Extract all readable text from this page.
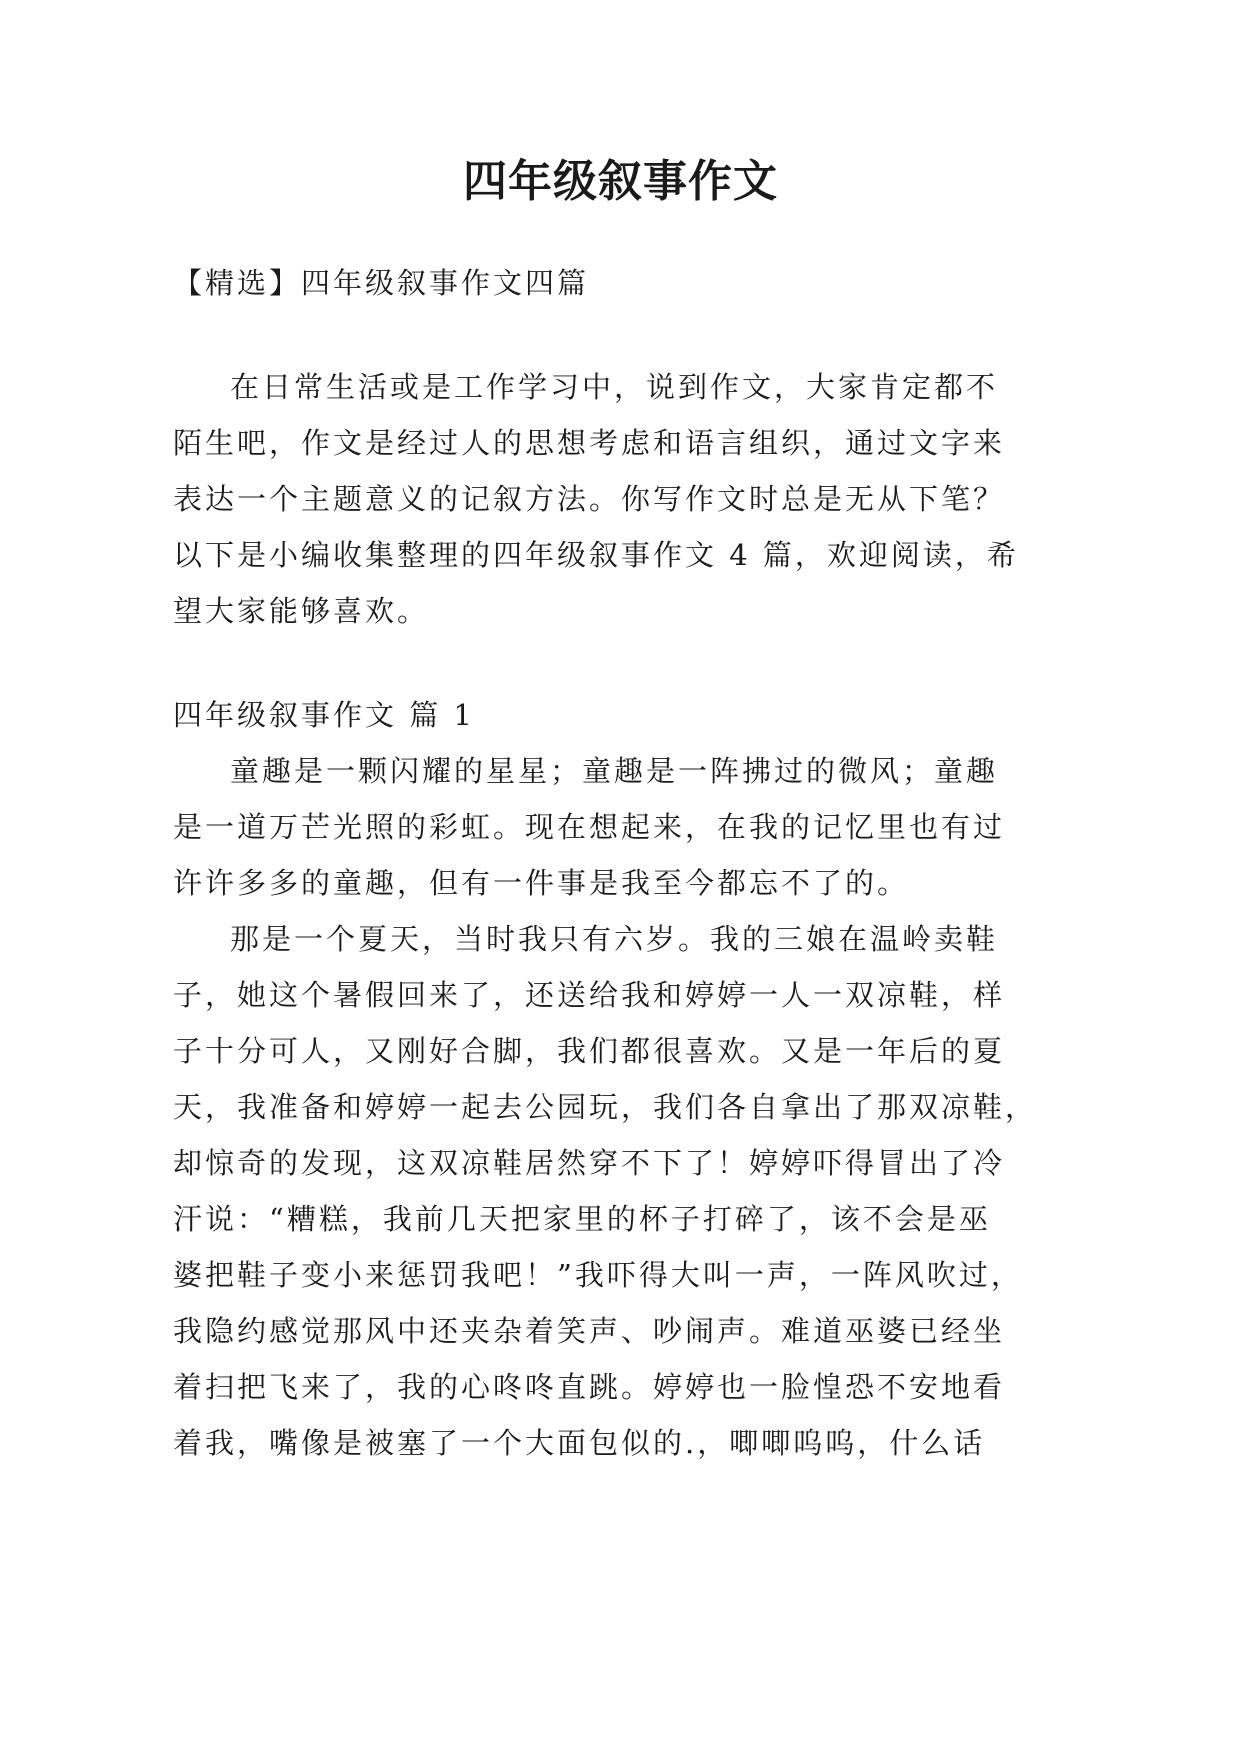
四年级叙事作文

【精选】四年级叙事作文四篇

在日常生活或是工作学习中，说到作文，大家肯定都不

陌生吧，作文是经过人的思想考虑和语言组织，通过文字来

表达一个主题意义的记叙方法。你写作文时总是无从下笔？

以下是小编收集整理的四年级叙事作文 4 篇，欢迎阅读，希

望大家能够喜欢。

四年级叙事作文 篇 1

童趣是一颗闪耀的星星；童趣是一阵拂过的微风；童趣

是一道万芒光照的彩虹。现在想起来，在我的记忆里也有过

许许多多的童趣，但有一件事是我至今都忘不了的。

那是一个夏天，当时我只有六岁。我的三娘在温岭卖鞋

子，她这个暑假回来了，还送给我和婷婷一人一双凉鞋，样

子十分可人，又刚好合脚，我们都很喜欢。又是一年后的夏

天，我准备和婷婷一起去公园玩，我们各自拿出了那双凉鞋，

却惊奇的发现，这双凉鞋居然穿不下了！婷婷吓得冒出了冷

汗说：“糟糕，我前几天把家里的杯子打碎了，该不会是巫

婆把鞋子变小来惩罚我吧！”我吓得大叫一声，一阵风吹过，

我隐约感觉那风中还夹杂着笑声、吵闹声。难道巫婆已经坐

着扫把飞来了，我的心咚咚直跳。婷婷也一脸惶恐不安地看

着我，嘴像是被塞了一个大面包似的.，唧唧呜呜，什么话
